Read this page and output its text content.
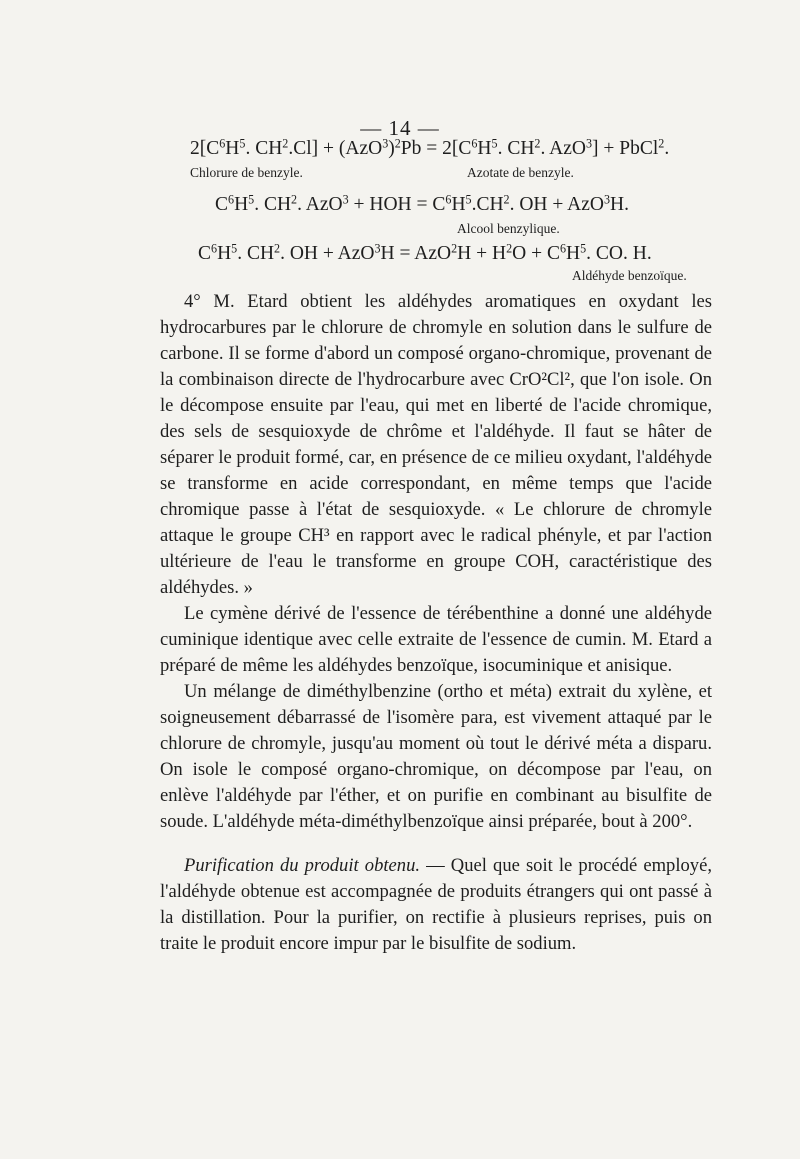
— 14 —
$2[C^6H^5$. $CH^2.Cl] + (AzO^3)^2Pb = 2[C^6H^5$. $CH^2$. AzO$^3$] + PbCl$^2$.
Chlorure de benzyle.	Azotate de benzyle.
$C^6H^5$. $CH^2$. AzO$^3$ + HOH = $C^6H^5.CH^2$. OH + AzO$^3$H.
Alcool benzylique.
$C^6H^5$. $CH^2$. OH + $AzO^3H = AzO^2H + H^2O + C^6H^5$. CO. H.
Aldéhyde benzoïque.

4° M. Etard obtient les aldéhydes aromatiques en oxydant les hydrocarbures par le chlorure de chromyle en solution dans le sulfure de carbone. Il se forme d'abord un composé organo-chromique, provenant de la combinaison directe de l'hydrocarbure avec CrO²Cl², que l'on isole. On le décompose ensuite par l'eau, qui met en liberté de l'acide chromique, des sels de sesquioxyde de chrôme et l'aldéhyde. Il faut se hâter de séparer le produit formé, car, en présence de ce milieu oxydant, l'aldéhyde se transforme en acide correspondant, en même temps que l'acide chromique passe à l'état de sesquioxyde. « Le chlorure de chromyle attaque le groupe CH³ en rapport avec le radical phényle, et par l'action ultérieure de l'eau le transforme en groupe COH, caractéristique des aldéhydes. »

Le cymène dérivé de l'essence de térébenthine a donné une aldéhyde cuminique identique avec celle extraite de l'essence de cumin. M. Etard a préparé de même les aldéhydes benzoïque, isocuminique et anisique.

Un mélange de diméthylbenzine (ortho et méta) extrait du xylène, et soigneusement débarrassé de l'isomère para, est vivement attaqué par le chlorure de chromyle, jusqu'au moment où tout le dérivé méta a disparu. On isole le composé organo-chromique, on décompose par l'eau, on enlève l'aldéhyde par l'éther, et on purifie en combinant au bisulfite de soude. L'aldéhyde méta-diméthylbenzoïque ainsi préparée, bout à 200°.

Purification du produit obtenu. — Quel que soit le procédé employé, l'aldéhyde obtenue est accompagnée de produits étrangers qui ont passé à la distillation. Pour la purifier, on rectifie à plusieurs reprises, puis on traite le produit encore impur par le bisulfite de sodium.
